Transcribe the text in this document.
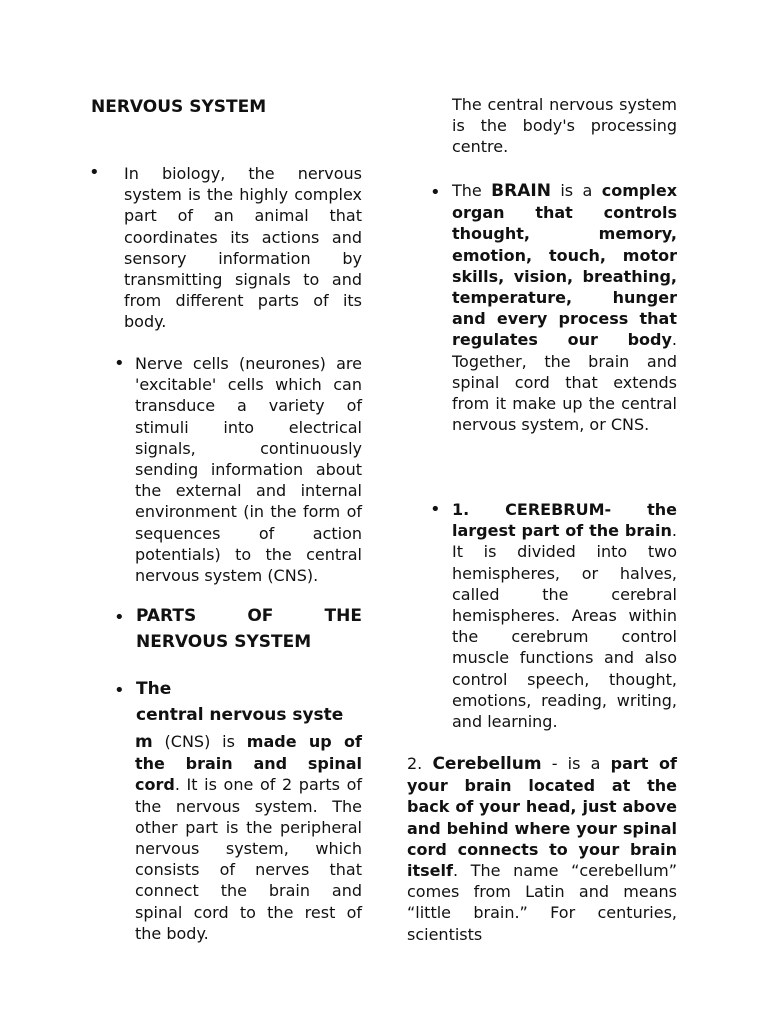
NERVOUS SYSTEM
• In biology, the nervous system is the highly complex part of an animal that coordinates its actions and sensory information by transmitting signals to and from different parts of its body.

• Nerve cells (neurones) are 'excitable' cells which can transduce a variety of stimuli into electrical signals, continuously sending information about the external and internal environment (in the form of sequences of action potentials) to the central nervous system (CNS).

• PARTS OF THE
NERVOUS SYSTEM
• The
central nervous syste

m (CNS) is made up of the brain and spinal cord. It is one of 2 parts of the nervous system. The other part is the peripheral nervous system, which consists of nerves that connect the brain and spinal cord to the rest of the body.

The central nervous system is the body's processing centre.

• The BRAIN is a complex organ that controls thought, memory, emotion, touch, motor skills, vision, breathing, temperature, hunger and every process that regulates our body. Together, the brain and spinal cord that extends from it make up the central nervous system, or CNS.

• 1. CEREBRUM- the largest part of the brain. It is divided into two hemispheres, or halves, called the cerebral hemispheres. Areas within the cerebrum control muscle functions and also control speech, thought, emotions, reading, writing, and learning.

2. Cerebellum - is a part of your brain located at the back of your head, just above and behind where your spinal cord connects to your brain itself. The name “cerebellum” comes from Latin and means “little brain.” For centuries, scientists
